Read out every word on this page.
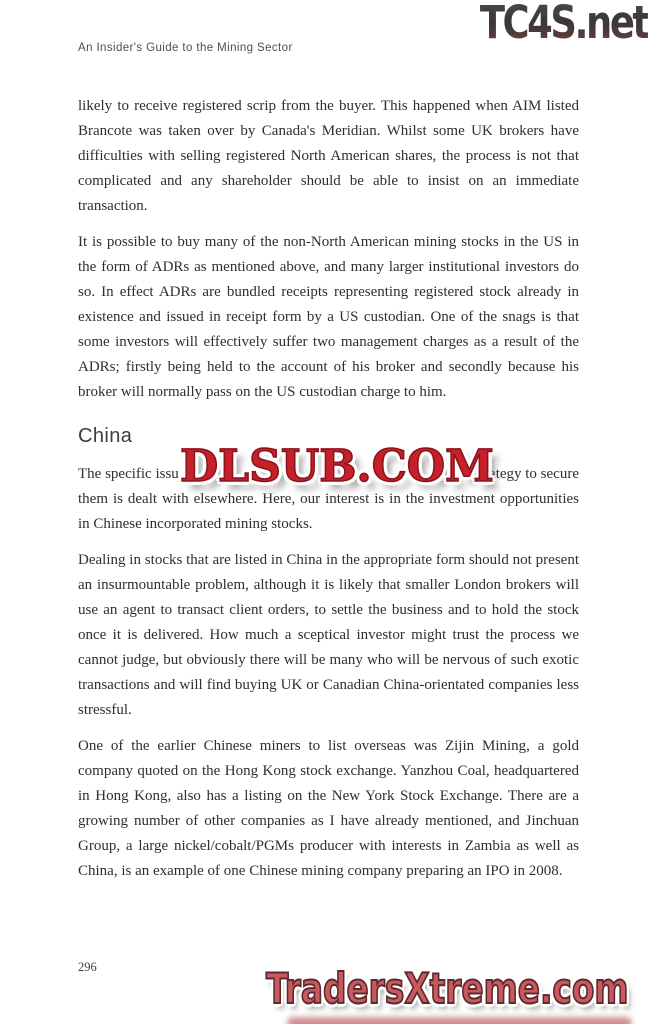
An Insider's Guide to the Mining Sector	TC4S.net

likely to receive registered scrip from the buyer. This happened when AIM listed Brancote was taken over by Canada's Meridian. Whilst some UK brokers have difficulties with selling registered North American shares, the process is not that complicated and any shareholder should be able to insist on an immediate transaction.

It is possible to buy many of the non-North American mining stocks in the US in the form of ADRs as mentioned above, and many larger institutional investors do so. In effect ADRs are bundled receipts representing registered stock already in existence and issued in receipt form by a US custodian. One of the snags is that some investors will effectively suffer two management charges as a result of the ADRs; firstly being held to the account of his broker and secondly because his broker will normally pass on the US custodian charge to him.

China
The specific issu	strategy to secure

them is dealt with elsewhere. Here, our interest is in the investment opportunities in Chinese incorporated mining stocks.

DLSUB.COM

Dealing in stocks that are listed in China in the appropriate form should not present an insurmountable problem, although it is likely that smaller London brokers will use an agent to transact client orders, to settle the business and to hold the stock once it is delivered. How much a sceptical investor might trust the process we cannot judge, but obviously there will be many who will be nervous of such exotic transactions and will find buying UK or Canadian China-orientated companies less stressful.

One of the earlier Chinese miners to list overseas was Zijin Mining, a gold company quoted on the Hong Kong stock exchange. Yanzhou Coal, headquartered in Hong Kong, also has a listing on the New York Stock Exchange. There are a growing number of other companies as I have already mentioned, and Jinchuan Group, a large nickel/cobalt/PGMs producer with interests in Zambia as well as China, is an example of one Chinese mining company preparing an IPO in 2008.

296	TradersXtreme.com
